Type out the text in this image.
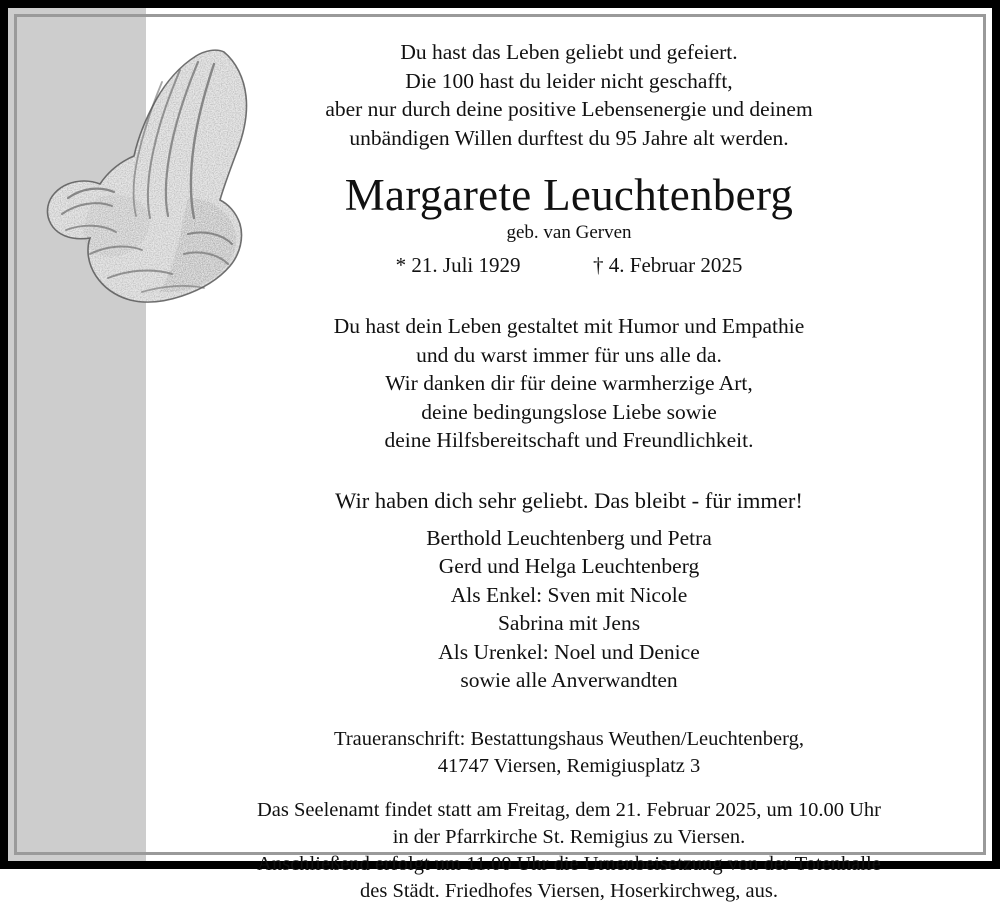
Du hast das Leben geliebt und gefeiert.
Die 100 hast du leider nicht geschafft,
aber nur durch deine positive Lebensenergie und deinem
unbändigen Willen durftest du 95 Jahre alt werden.
Margarete Leuchtenberg
geb. van Gerven
* 21. Juli 1929	† 4. Februar 2025
Du hast dein Leben gestaltet mit Humor und Empathie
und du warst immer für uns alle da.
Wir danken dir für deine warmherzige Art,
deine bedingungslose Liebe sowie
deine Hilfsbereitschaft und Freundlichkeit.
Wir haben dich sehr geliebt. Das bleibt - für immer!
Berthold Leuchtenberg und Petra
Gerd und Helga Leuchtenberg
Als Enkel: Sven mit Nicole
Sabrina mit Jens
Als Urenkel: Noel und Denice
sowie alle Anverwandten
Traueranschrift: Bestattungshaus Weuthen/Leuchtenberg,
41747 Viersen, Remigiusplatz 3
Das Seelenamt findet statt am Freitag, dem 21. Februar 2025, um 10.00 Uhr
in der Pfarrkirche St. Remigius zu Viersen.
Anschließend erfolgt um 11.00 Uhr die Urnenbeisetzung von der Totenhalle
des Städt. Friedhofes Viersen, Hoserkirchweg, aus.
